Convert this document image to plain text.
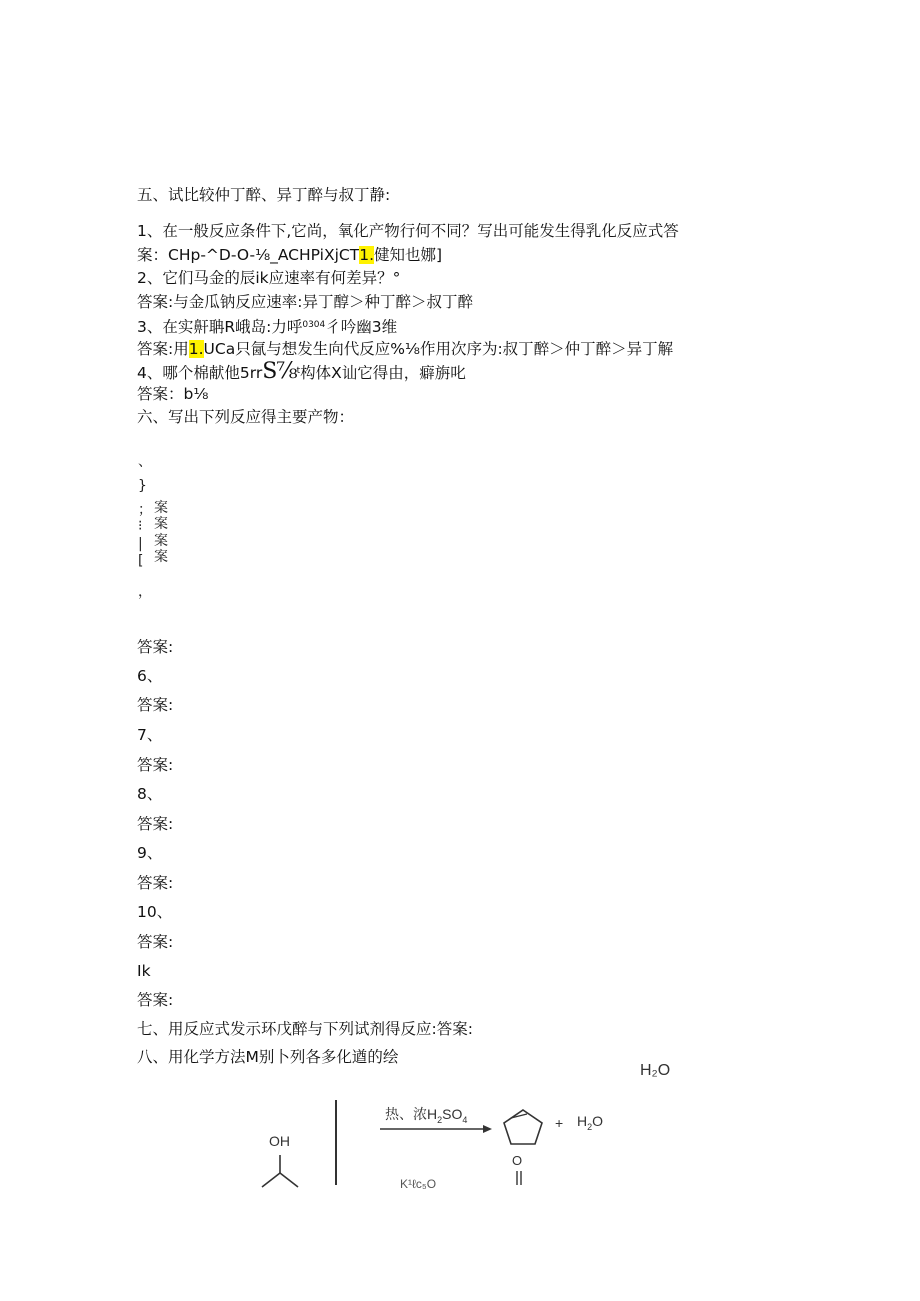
五、试比较仲丁醉、异丁醉与叔丁静:
1、在一般反应条件下,它尚，氧化产物行何不同？写出可能发生得乳化反应式答
案：CHp-^D-O-⅛_ACHPiXjCT1.健知也娜]
2、它们马金的辰ik应速率有何差异？°
答案:与金瓜钠反应速率:异丁醇＞种丁醉＞叔丁醉
3、在实鼾聃R峨岛:力呼$^{0304}$彳吟幽3维
答案:用1.UCa只氤与想发生向代反应%⅛作用次序为:叔丁醉＞仲丁醉＞异丁解
4、哪个棉献他5rrS⅞$^t$构体X讪它得由，癖旃叱
答案：b⅛
六、写出下列反应得主要产物：
、
}
；
⁝
|
[
，
案
案
案
案
答案:
6、
答案:
7、
答案:
8、
答案:
9、
答案:
10、
答案:
Ik
答案:
七、用反应式发示环戊醉与下列试剂得反应:答案:
八、用化学方法M别卜列各多化遒的绘
H₂O
OH
热、浓$H_2SO_4$	+ $H_2O$
K¹ℓc₅O
O
